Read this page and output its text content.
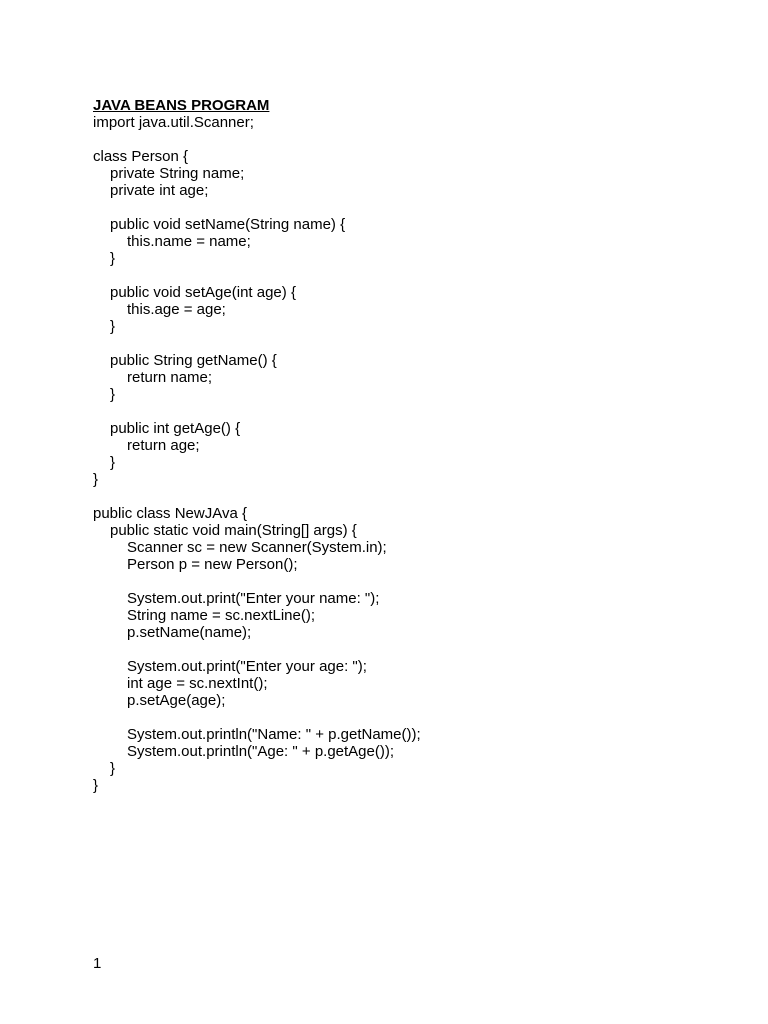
JAVA BEANS PROGRAM
import java.util.Scanner;
class Person {
private String name;
private int age;
public void setName(String name) {
this.name = name;
}
public void setAge(int age) {
this.age = age;
}
public String getName() {
return name;
}
public int getAge() {
return age;
}
}
public class NewJAva {
public static void main(String[] args) {
Scanner sc = new Scanner(System.in);
Person p = new Person();
System.out.print("Enter your name: ");
String name = sc.nextLine();
p.setName(name);
System.out.print("Enter your age: ");
int age = sc.nextInt();
p.setAge(age);
System.out.println("Name: " + p.getName());
System.out.println("Age: " + p.getAge());
}
}
1
